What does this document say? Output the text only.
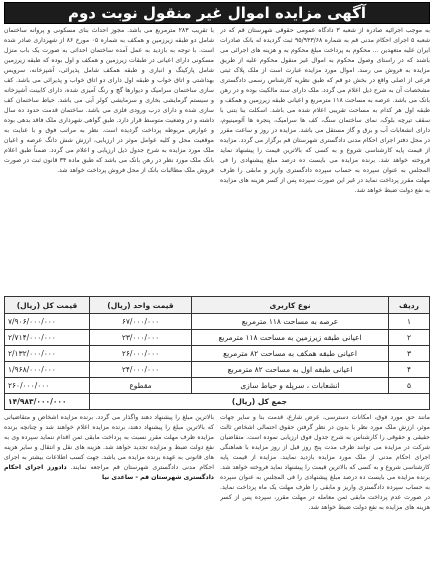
آگهی مزایده اموال غیر منقول نوبت دوم
به موجب اجرائیه صادره از شعبه ۳ دادگاه عمومی حقوقی شهرستان قم که در شعبه ۵ اجرای احکام مدنی قم به شماره ۹۵/۹۴۳/۶۸ ثبت گردیده له بانک صادرات ایران علیه متعهدین ... محکوم به پرداخت مبلغ محکوم به و هزینه های اجرائی می باشند که در راستای وصول محکوم به اموال غیر منقول محکوم علیه از طریق مزایده به فروش می رسد. اموال مورد مزایده عبارت است از ملک پلاک ثبتی فرعی از اصلی واقع در بخش دو قم که طبق نظریه کارشناس رسمی دادگستری مشخصات آن به شرح ذیل اعلام می گردد. ملک دارای سند مالکیت بوده و در رهن بانک می باشد. عرصه به مساحت ۱۱۸ مترمربع و اعیانی طبقه زیرزمین و همکف و طبقه اول هر کدام به مساحت تقریبی اعلام شده می باشد. اسکلت بنا بتنی با سقف تیرچه بلوک، نمای ساختمان سنگ، کف ها سرامیک، پنجره ها آلومینیوم، دارای انشعابات آب و برق و گاز مستقل می باشد. مزایده در روز و ساعت مقرر در محل دفتر اجرای احکام مدنی دادگستری شهرستان قم برگزار می گردد. مزایده از قیمت پایه کارشناسی شروع و به کسی که بالاترین قیمت را پیشنهاد نماید فروخته خواهد شد. برنده مزایده می بایست ده درصد مبلغ پیشنهادی را فی المجلس به عنوان سپرده به حساب سپرده دادگستری واریز و مابقی را ظرف مهلت مقرر پرداخت نماید در غیر این صورت سپرده پس از کسر هزینه های مزایده به نفع دولت ضبط خواهد شد.
با تقریب ۲۸۳ مترمربع می باشد. مجوز احداث بنای مسکونی و پروانه ساختمان شامل دو طبقه زیرزمین و همکف به شماره ۰۵ مورخ ۸۶ از شهرداری صادر شده است. با توجه به بازدید به عمل آمده ساختمان احداثی به صورت یک باب منزل مسکونی دارای اعیانی در طبقات زیرزمین و همکف و اول بوده که طبقه زیرزمین شامل پارکینگ و انباری و طبقه همکف شامل پذیرائی، آشپزخانه، سرویس بهداشتی و اتاق خواب و طبقه اول دارای دو اتاق خواب و پذیرائی می باشد. کف سازی ساختمان سرامیک و دیوارها گچ و رنگ آمیزی شده، دارای کابینت آشپزخانه و سیستم گرمایشی بخاری و سرمایشی کولر آبی می باشد. حیاط ساختمان کف سازی شده و دارای درب ورودی فلزی می باشد. ساختمان قدمت حدود ده سال داشته و در وضعیت متوسط قرار دارد. طبق گواهی شهرداری ملک فاقد بدهی بوده و عوارض مربوطه پرداخت گردیده است. نظر به مراتب فوق و با عنایت به موقعیت محل و کلیه عوامل موثر در ارزیابی، ارزش شش دانگ عرصه و اعیان ملک مورد مزایده به شرح جدول ذیل ارزیابی و اعلام می گردد. ضمناً طبق اعلام بانک ملک مورد نظر در رهن بانک می باشد که طبق ماده ۳۴ قانون ثبت در صورت فروش ملک مطالبات بانک از محل فروش پرداخت خواهد شد.
ردیف	نوع کاربری	قیمت واحد (ریال)	قیمت کل (ریال)
۱	عرصه به مساحت ۱۱۸ مترمربع	۶۷/۰۰۰/۰۰۰	۷/۹۰۶/۰۰۰/۰۰۰
۲	اعیانی طبقه زیرزمین به مساحت ۱۱۸ مترمربع	۲۳/۰۰۰/۰۰۰	۲/۷۱۴/۰۰۰/۰۰۰
۳	اعیانی طبقه همکف به مساحت ۸۲ مترمربع	۲۶/۰۰۰/۰۰۰	۲/۱۳۲/۰۰۰/۰۰۰
۴	اعیانی طبقه اول به مساحت ۸۲ مترمربع	۲۴/۰۰۰/۰۰۰	۱/۹۶۸/۰۰۰/۰۰۰
۵	انشعابات ، سرپله و حیاط سازی	مقطوع	۲۶۰/۰۰۰/۰۰۰
جمع کل (ریال)			۱۴/۹۸۳/۰۰۰/۰۰۰
مانند حق مورد فوق، امکانات دسترسی، عرض شارع، قدمت بنا و سایر جهات موثر، ارزش ملک مورد نظر با بدون در نظر گرفتن حقوق احتمالی اشخاص ثالث حقیقی و حقوقی را کارشناس به شرح جدول فوق ارزیابی نموده است. متقاضیان شرکت در مزایده می توانند ظرف مدت پنج روز قبل از روز مزایده با هماهنگی اجرای احکام مدنی از ملک مورد مزایده بازدید نمایند. مزایده از قیمت پایه کارشناسی شروع و به کسی که بالاترین قیمت را پیشنهاد نماید فروخته خواهد شد. برنده مزایده می بایست ده درصد مبلغ پیشنهادی را فی المجلس به عنوان سپرده به حساب سپرده دادگستری واریز و مابقی را ظرف مهلت یک ماه پرداخت نماید. در صورت عدم پرداخت مابقی ثمن معامله در مهلت مقرر، سپرده پس از کسر هزینه های مزایده به نفع دولت ضبط خواهد شد.
بالاترین مبلغ را پیشنهاد دهند واگذار می گردد. برنده مزایده اشخاص و متقاضیانی که بالاترین مبلغ را پیشنهاد دهند، برنده مزایده اعلام خواهند شد و چنانچه برنده مزایده ظرف مهلت مقرر نسبت به پرداخت مابقی ثمن اقدام ننماید سپرده وی به نفع دولت ضبط و مزایده تجدید خواهد شد. هزینه های نقل و انتقال و سایر هزینه های قانونی به عهده برنده مزایده می باشد. جهت کسب اطلاعات بیشتر به اجرای احکام مدنی دادگستری شهرستان قم مراجعه نمایند. دادورز اجرای احکام دادگستری شهرستان قم - ساعدی نیا
